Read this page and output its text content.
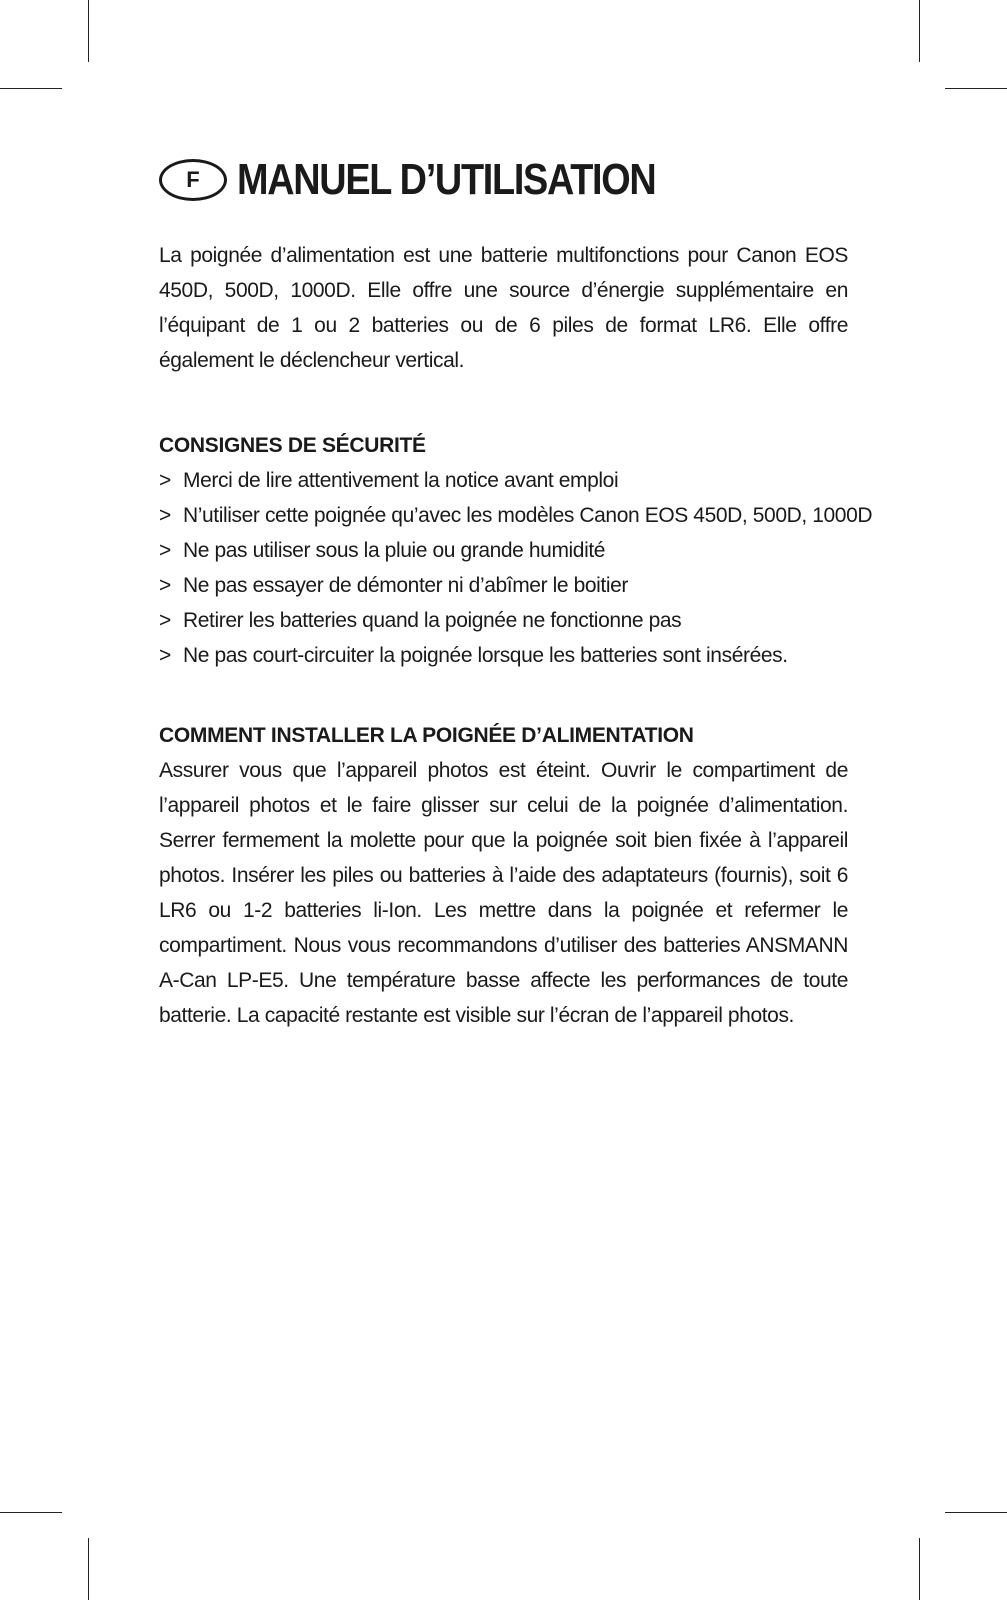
F MANUEL D’UTILISATION

La poignée d’alimentation est une batterie multifonctions pour Canon EOS 450D, 500D, 1000D. Elle offre une source d’énergie supplémentaire en l’équipant de 1 ou 2 batteries ou de 6 piles de format LR6. Elle offre également le déclencheur vertical.

CONSIGNES DE SÉCURITÉ
> Merci de lire attentivement la notice avant emploi
> N’utiliser cette poignée qu’avec les modèles Canon EOS 450D, 500D, 1000D
> Ne pas utiliser sous la pluie ou grande humidité
> Ne pas essayer de démonter ni d’abîmer le boitier
> Retirer les batteries quand la poignée ne fonctionne pas
> Ne pas court-circuiter la poignée lorsque les batteries sont insérées.
COMMENT INSTALLER LA POIGNÉE D’ALIMENTATION

Assurer vous que l’appareil photos est éteint. Ouvrir le compartiment de l’appareil photos et le faire glisser sur celui de la poignée d’alimentation. Serrer fermement la molette pour que la poignée soit bien fixée à l’appareil photos. Insérer les piles ou batteries à l’aide des adaptateurs (fournis), soit 6 LR6 ou 1-2 batteries li-Ion. Les mettre dans la poignée et refermer le compartiment. Nous vous recommandons d’utiliser des batteries ANSMANN A-Can LP-E5. Une température basse affecte les performances de toute batterie. La capacité restante est visible sur l’écran de l’appareil photos.
